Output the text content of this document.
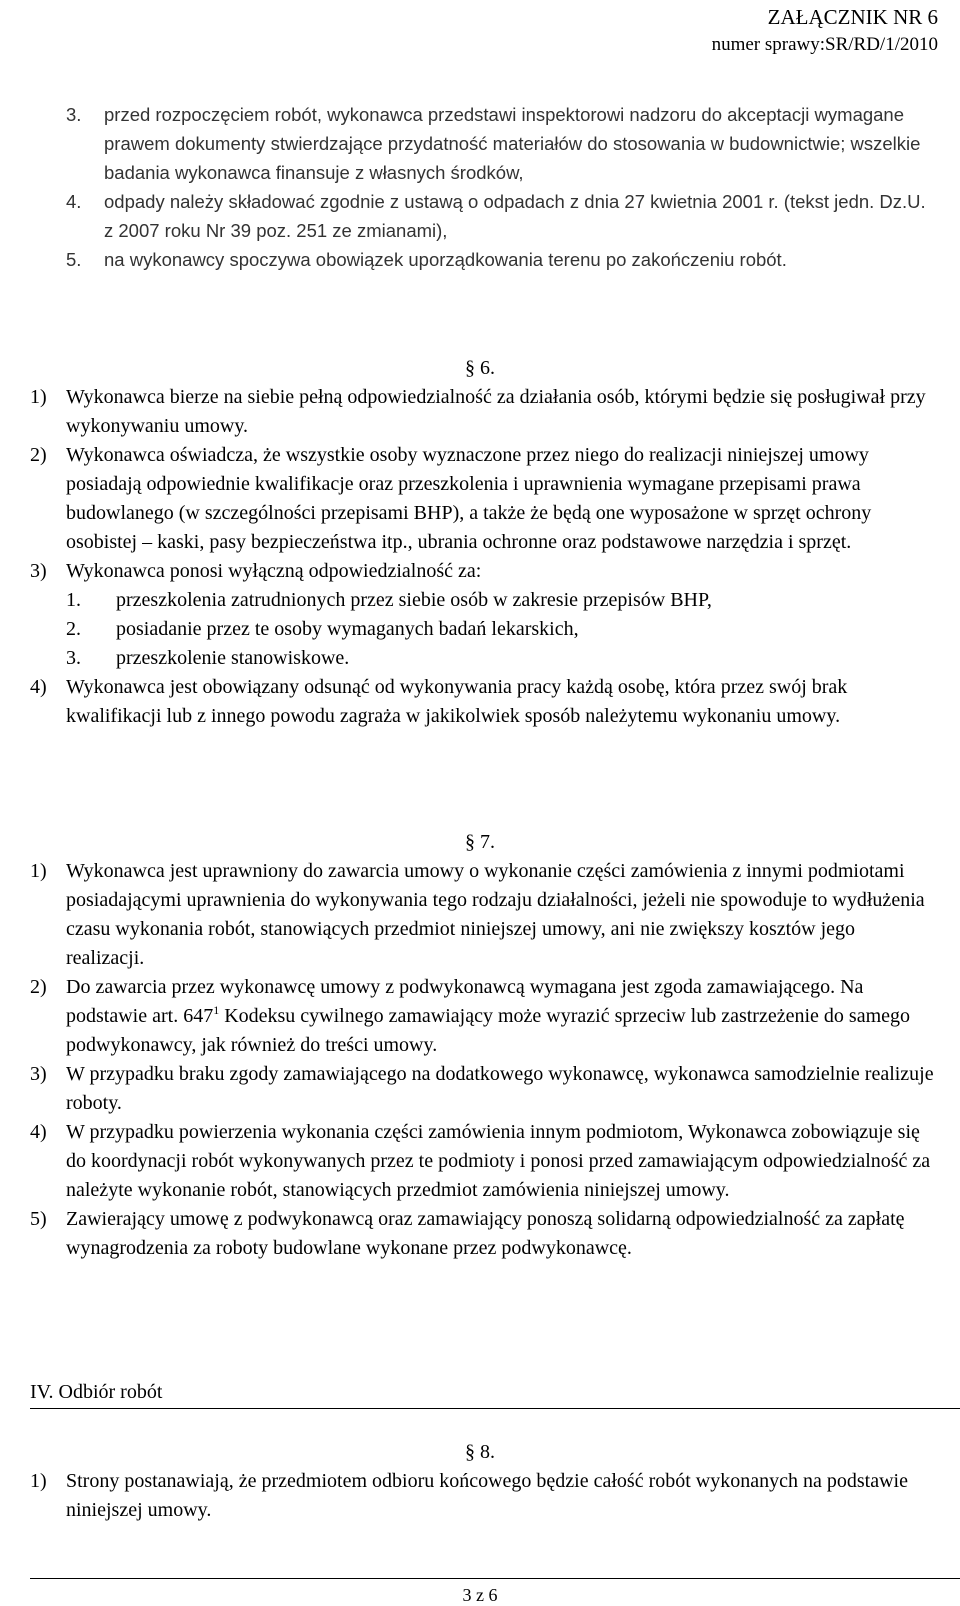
ZAŁĄCZNIK NR 6
numer sprawy:SR/RD/1/2010
3.	przed rozpoczęciem robót, wykonawca przedstawi inspektorowi nadzoru do akceptacji wymagane prawem dokumenty stwierdzające przydatność materiałów do stosowania w budownictwie; wszelkie badania wykonawca finansuje z własnych środków,
4.	odpady należy składować zgodnie z ustawą o odpadach z dnia 27 kwietnia 2001 r. (tekst jedn. Dz.U. z 2007 roku Nr 39 poz. 251 ze zmianami),
5.	na wykonawcy spoczywa obowiązek uporządkowania terenu po zakończeniu robót.
§ 6.
1) Wykonawca bierze na siebie pełną odpowiedzialność za działania osób, którymi będzie się posługiwał przy wykonywaniu umowy.
2) Wykonawca oświadcza, że wszystkie osoby wyznaczone przez niego do realizacji niniejszej umowy posiadają odpowiednie kwalifikacje oraz przeszkolenia i uprawnienia wymagane przepisami prawa budowlanego (w szczególności przepisami BHP), a także że będą one wyposażone w sprzęt ochrony osobistej – kaski, pasy bezpieczeństwa itp., ubrania ochronne oraz podstawowe narzędzia i sprzęt.
3) Wykonawca ponosi wyłączną odpowiedzialność za:
1.	przeszkolenia zatrudnionych przez siebie osób w zakresie przepisów BHP,
2.	posiadanie przez te osoby wymaganych badań lekarskich,
3.	przeszkolenie stanowiskowe.
4) Wykonawca jest obowiązany odsunąć od wykonywania pracy każdą osobę, która przez swój brak kwalifikacji lub z innego powodu zagraża w jakikolwiek sposób należytemu wykonaniu umowy.
§ 7.
1) Wykonawca jest uprawniony do zawarcia umowy o wykonanie części zamówienia z innymi podmiotami posiadającymi uprawnienia do wykonywania tego rodzaju działalności, jeżeli nie spowoduje to wydłużenia czasu wykonania robót, stanowiących przedmiot niniejszej umowy, ani nie zwiększy kosztów jego realizacji.
2) Do zawarcia przez wykonawcę umowy z podwykonawcą wymagana jest zgoda zamawiającego. Na podstawie art. $647^1$ Kodeksu cywilnego zamawiający może wyrazić sprzeciw lub zastrzeżenie do samego podwykonawcy, jak również do treści umowy.
3) W przypadku braku zgody zamawiającego na dodatkowego wykonawcę, wykonawca samodzielnie realizuje roboty.
4) W przypadku powierzenia wykonania części zamówienia innym podmiotom, Wykonawca zobowiązuje się do koordynacji robót wykonywanych przez te podmioty i ponosi przed zamawiającym odpowiedzialność za należyte wykonanie robót, stanowiących przedmiot zamówienia niniejszej umowy.
5) Zawierający umowę z podwykonawcą oraz zamawiający ponoszą solidarną odpowiedzialność za zapłatę wynagrodzenia za roboty budowlane wykonane przez podwykonawcę.
IV. Odbiór robót
§ 8.
1) Strony postanawiają, że przedmiotem odbioru końcowego będzie całość robót wykonanych na podstawie niniejszej umowy.
3 z 6
